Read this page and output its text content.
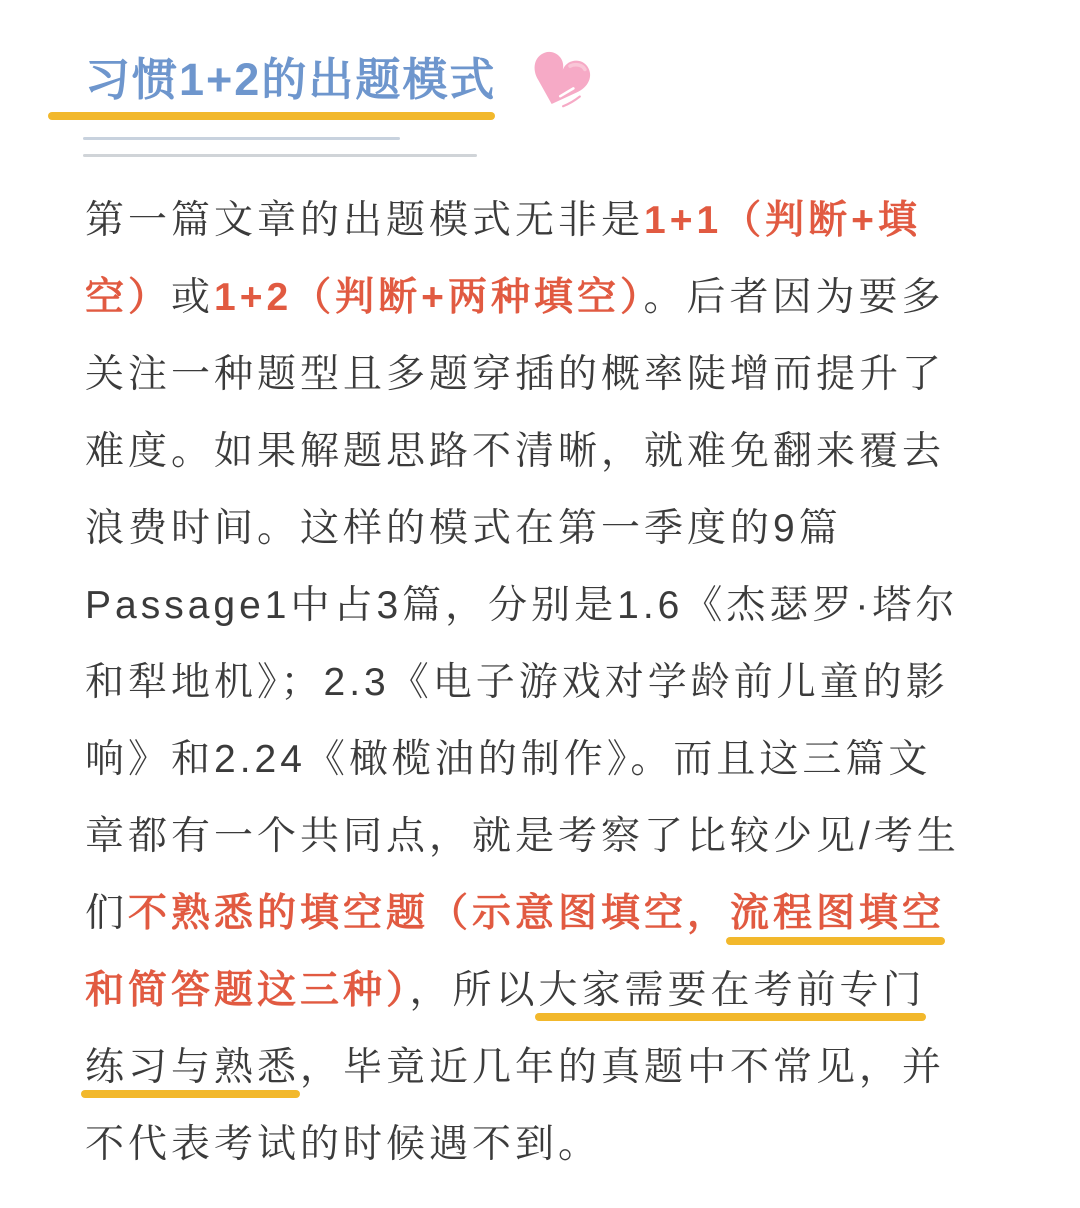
习惯1+2的出题模式
第一篇文章的出题模式无非是1+1（判断+填
空）或1+2（判断+两种填空）。后者因为要多
关注一种题型且多题穿插的概率陡增而提升了
难度。如果解题思路不清晰，就难免翻来覆去
浪费时间。这样的模式在第一季度的9篇
Passage1中占3篇，分别是1.6《杰瑟罗·塔尔
和犁地机》；2.3《电子游戏对学龄前儿童的影
响》和2.24《橄榄油的制作》。而且这三篇文
章都有一个共同点，就是考察了比较少见/考生
们不熟悉的填空题（示意图填空，流程图填空
和简答题这三种），所以大家需要在考前专门
练习与熟悉，毕竟近几年的真题中不常见，并
不代表考试的时候遇不到。
